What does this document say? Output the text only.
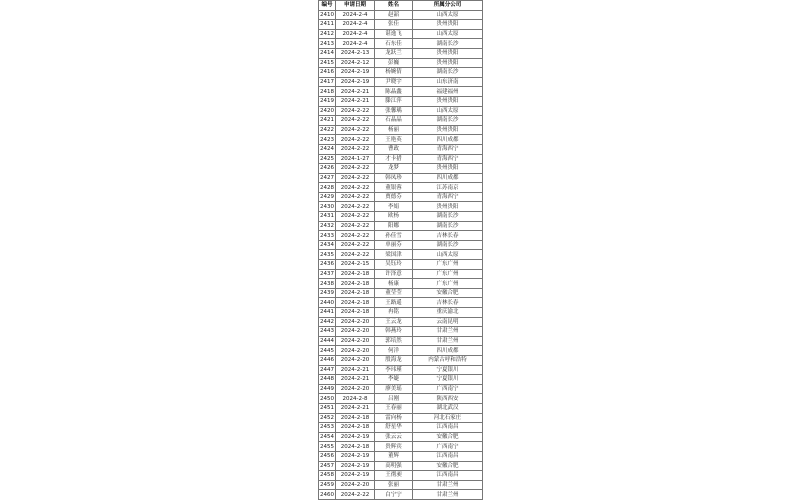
编号	申请日期	姓名	所属分公司
2410	2024-2-4	赵韶	山西太原
2411	2024-2-4	张佳	贵州贵阳
2412	2024-2-4	谌逸飞	山西太原
2413	2024-2-4	石东佳	湖南长沙
2414	2024-2-13	龙跃兰	贵州贵阳
2415	2024-2-12	彭巍	贵州贵阳
2416	2024-2-19	杨婉倩	湖南长沙
2417	2024-2-19	尹晓宇	山东济南
2418	2024-2-21	陈晶鑫	福建福州
2419	2024-2-21	滕江萍	贵州贵阳
2420	2024-2-22	张馨瑀	山西太原
2421	2024-2-22	石晶晶	湖南长沙
2422	2024-2-22	杨丽	贵州贵阳
2423	2024-2-22	王艳英	四川成都
2424	2024-2-22	曹政	青海西宁
2425	2024-1-27	才卡措	青海西宁
2426	2024-2-22	龙梦	贵州贵阳
2427	2024-2-22	韩凤珍	四川成都
2428	2024-2-22	董银蓉	江苏南京
2429	2024-2-22	贾德芬	青海西宁
2430	2024-2-22	李娟	贵州贵阳
2431	2024-2-22	欧杨	湖南长沙
2432	2024-2-22	阳娜	湖南长沙
2433	2024-2-22	孙佳雪	吉林长春
2434	2024-2-22	单丽芬	湖南长沙
2435	2024-2-22	梁国津	山西太原
2436	2024-2-15	吴钰玲	广东广州
2437	2024-2-18	许泽意	广东广州
2438	2024-2-18	杨康	广东广州
2439	2024-2-18	董莹莹	安徽合肥
2440	2024-2-18	王路遥	吉林长春
2441	2024-2-18	冉铭	重庆渝北
2442	2024-2-20	王云龙	云南昆明
2443	2024-2-20	韩燕玲	甘肃兰州
2444	2024-2-20	郭培然	甘肃兰州
2445	2024-2-20	何洋	四川成都
2446	2024-2-20	殷海龙	内蒙古呼和浩特
2447	2024-2-21	李玮瑾	宁夏银川
2448	2024-2-21	李婕	宁夏银川
2449	2024-2-20	廖美瑶	广西南宁
2450	2024-2-8	吕刚	陕西西安
2451	2024-2-21	王春丽	湖北武汉
2452	2024-2-18	雷向杨	河北石家庄
2453	2024-2-18	舒星华	江西南昌
2454	2024-2-19	张云云	安徽合肥
2455	2024-2-18	贵辉宾	广西南宁
2456	2024-2-19	董辉	江西南昌
2457	2024-2-19	高明强	安徽合肥
2458	2024-2-19	王彻昶	江西南昌
2459	2024-2-20	张丽	甘肃兰州
2460	2024-2-22	白宁宁	甘肃兰州
